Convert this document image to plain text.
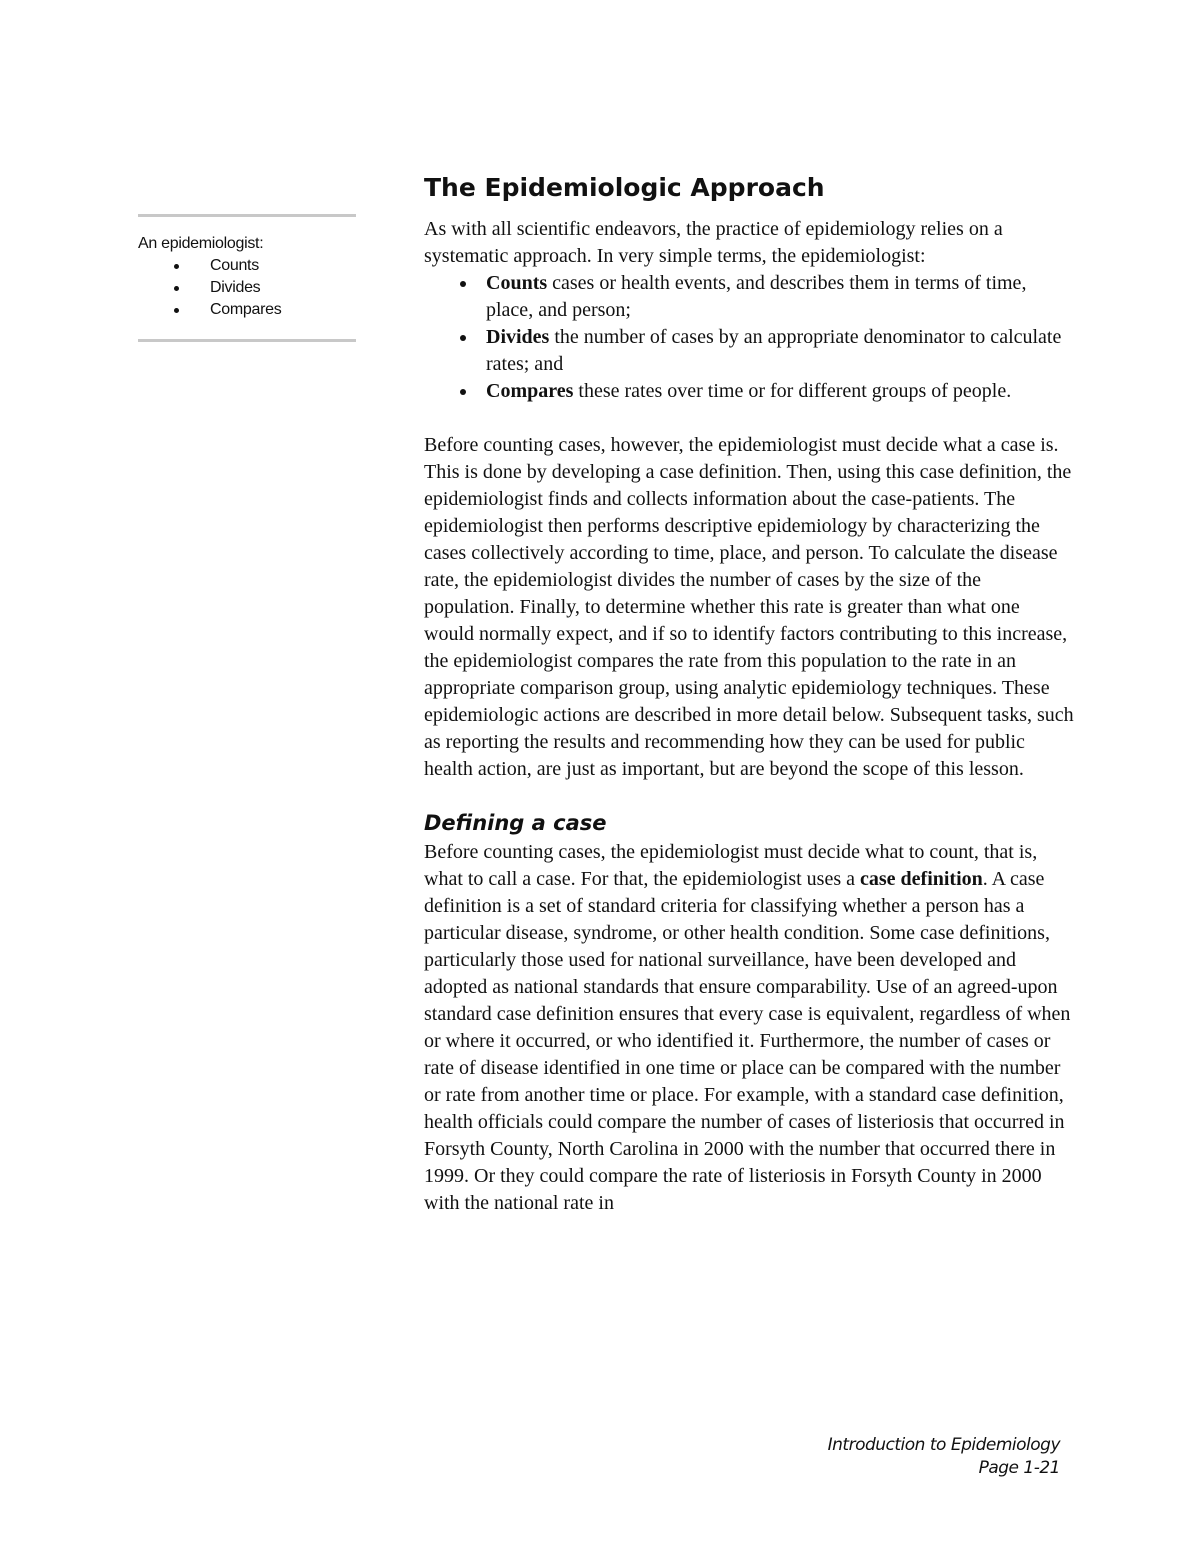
An epidemiologist:
Counts
Divides
Compares
The Epidemiologic Approach

As with all scientific endeavors, the practice of epidemiology relies on a systematic approach. In very simple terms, the epidemiologist:

Counts cases or health events, and describes them in terms of time, place, and person;
Divides the number of cases by an appropriate denominator to calculate rates; and
Compares these rates over time or for different groups of people.

Before counting cases, however, the epidemiologist must decide what a case is. This is done by developing a case definition. Then, using this case definition, the epidemiologist finds and collects information about the case-patients. The epidemiologist then performs descriptive epidemiology by characterizing the cases collectively according to time, place, and person. To calculate the disease rate, the epidemiologist divides the number of cases by the size of the population. Finally, to determine whether this rate is greater than what one would normally expect, and if so to identify factors contributing to this increase, the epidemiologist compares the rate from this population to the rate in an appropriate comparison group, using analytic epidemiology techniques. These epidemiologic actions are described in more detail below. Subsequent tasks, such as reporting the results and recommending how they can be used for public health action, are just as important, but are beyond the scope of this lesson.

Defining a case

Before counting cases, the epidemiologist must decide what to count, that is, what to call a case. For that, the epidemiologist uses a case definition. A case definition is a set of standard criteria for classifying whether a person has a particular disease, syndrome, or other health condition. Some case definitions, particularly those used for national surveillance, have been developed and adopted as national standards that ensure comparability. Use of an agreed-upon standard case definition ensures that every case is equivalent, regardless of when or where it occurred, or who identified it. Furthermore, the number of cases or rate of disease identified in one time or place can be compared with the number or rate from another time or place. For example, with a standard case definition, health officials could compare the number of cases of listeriosis that occurred in Forsyth County, North Carolina in 2000 with the number that occurred there in 1999. Or they could compare the rate of listeriosis in Forsyth County in 2000 with the national rate in

Introduction to Epidemiology
Page 1-21
